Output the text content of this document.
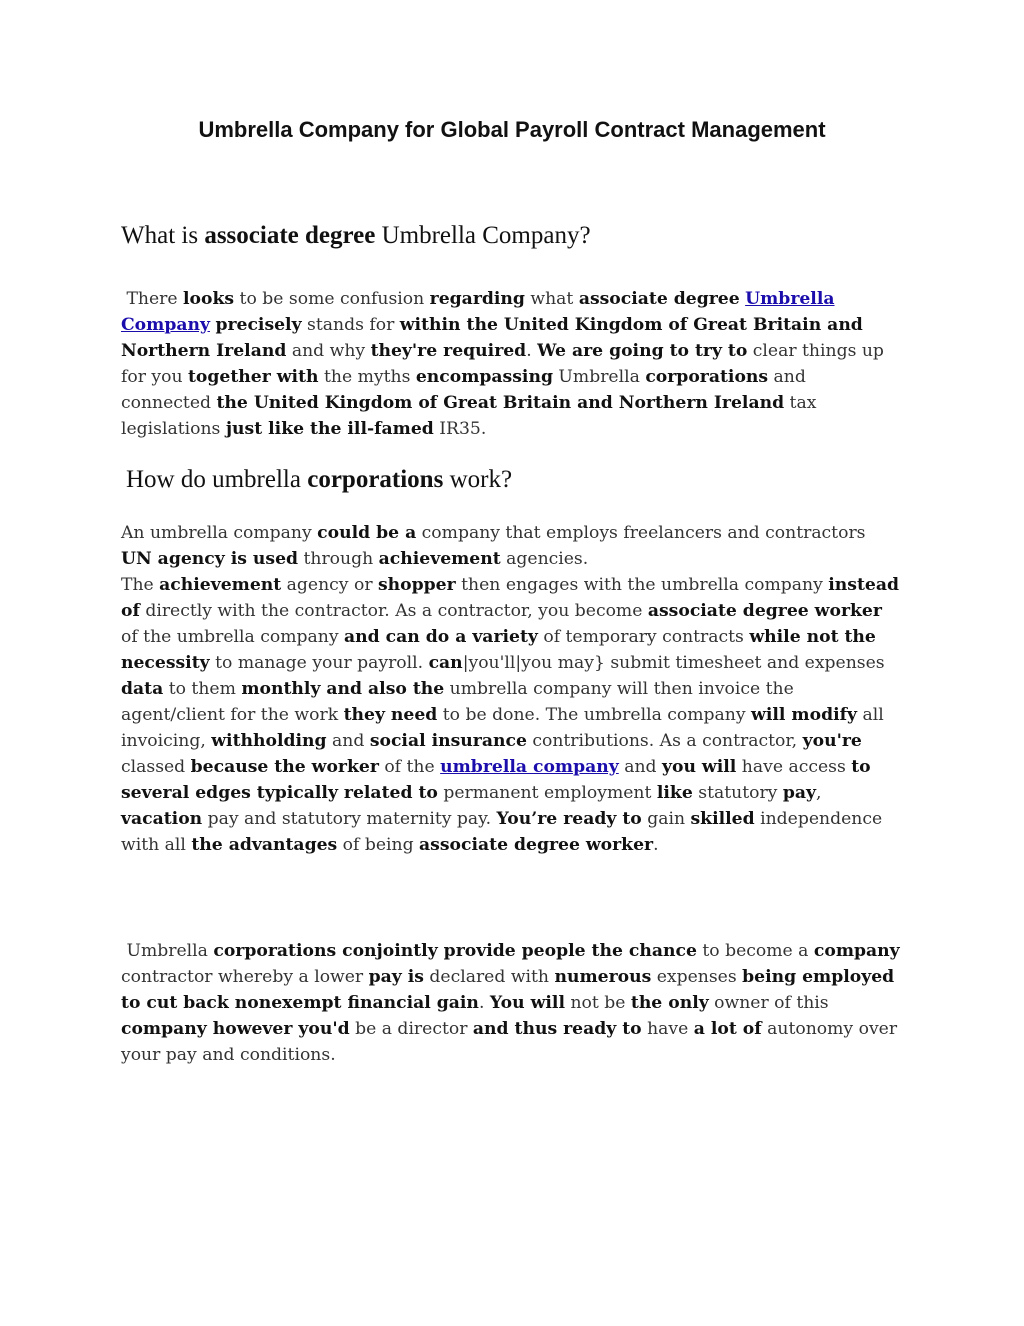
Umbrella Company for Global Payroll Contract Management
What is associate degree Umbrella Company?

There looks to be some confusion regarding what associate degree Umbrella Company precisely stands for within the United Kingdom of Great Britain and Northern Ireland and why they're required. We are going to try to clear things up for you together with the myths encompassing Umbrella corporations and connected the United Kingdom of Great Britain and Northern Ireland tax legislations just like the ill-famed IR35.

How do umbrella corporations work?

An umbrella company could be a company that employs freelancers and contractors UN agency is used through achievement agencies.
The achievement agency or shopper then engages with the umbrella company instead of directly with the contractor. As a contractor, you become associate degree worker of the umbrella company and can do a variety of temporary contracts while not the necessity to manage your payroll. can|you'll|you may} submit timesheet and expenses data to them monthly and also the umbrella company will then invoice the agent/client for the work they need to be done. The umbrella company will modify all invoicing, withholding and social insurance contributions. As a contractor, you're classed because the worker of the umbrella company and you will have access to several edges typically related to permanent employment like statutory pay, vacation pay and statutory maternity pay. You’re ready to gain skilled independence with all the advantages of being associate degree worker.

Umbrella corporations conjointly provide people the chance to become a company contractor whereby a lower pay is declared with numerous expenses being employed to cut back nonexempt financial gain. You will not be the only owner of this company however you'd be a director and thus ready to have a lot of autonomy over your pay and conditions.
